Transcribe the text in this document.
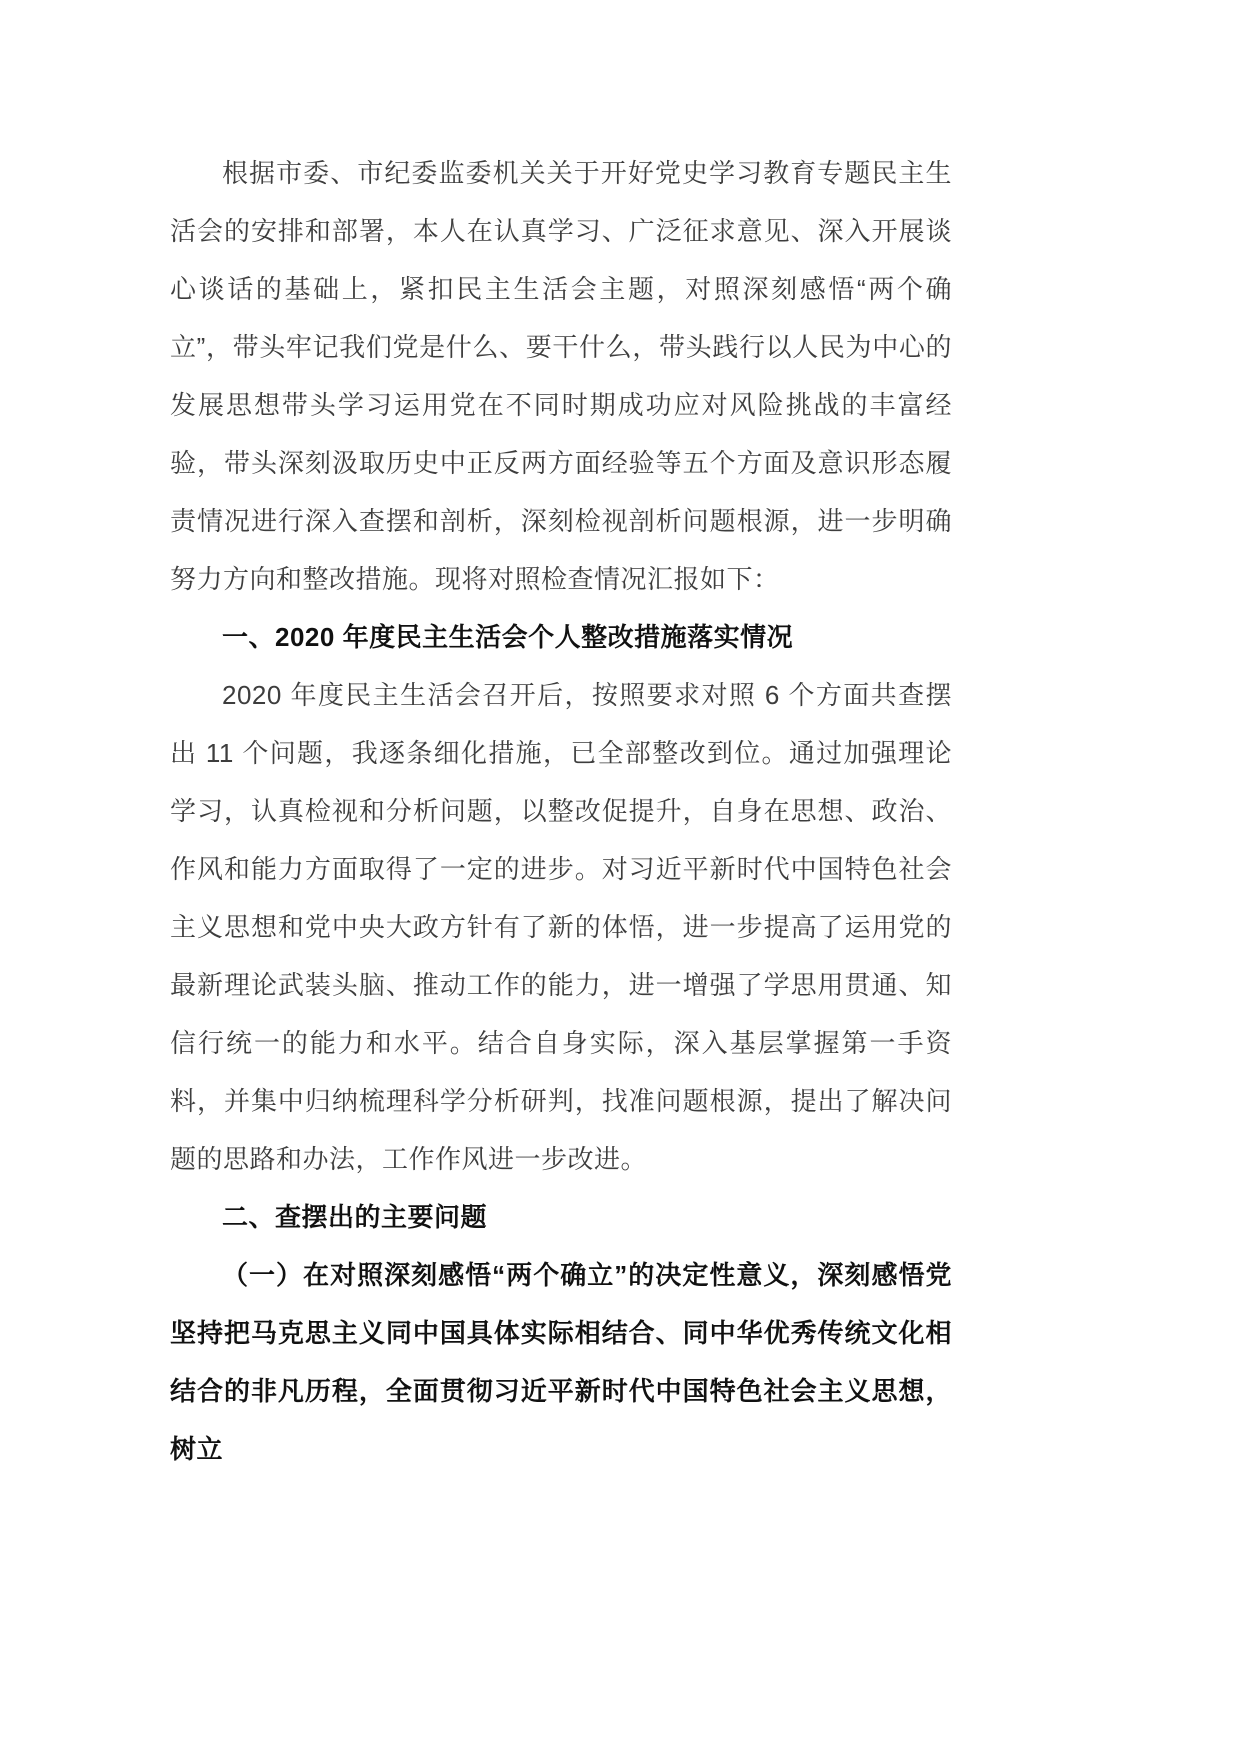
根据市委、市纪委监委机关关于开好党史学习教育专题民主生活会的安排和部署，本人在认真学习、广泛征求意见、深入开展谈心谈话的基础上，紧扣民主生活会主题，对照深刻感悟“两个确立”，带头牢记我们党是什么、要干什么，带头践行以人民为中心的发展思想带头学习运用党在不同时期成功应对风险挑战的丰富经验，带头深刻汲取历史中正反两方面经验等五个方面及意识形态履责情况进行深入查摆和剖析，深刻检视剖析问题根源，进一步明确努力方向和整改措施。现将对照检查情况汇报如下：

一、2020 年度民主生活会个人整改措施落实情况

2020 年度民主生活会召开后，按照要求对照 6 个方面共查摆出 11 个问题，我逐条细化措施，已全部整改到位。通过加强理论学习，认真检视和分析问题，以整改促提升，自身在思想、政治、作风和能力方面取得了一定的进步。对习近平新时代中国特色社会主义思想和党中央大政方针有了新的体悟，进一步提高了运用党的最新理论武装头脑、推动工作的能力，进一增强了学思用贯通、知信行统一的能力和水平。结合自身实际，深入基层掌握第一手资料，并集中归纳梳理科学分析研判，找准问题根源，提出了解决问题的思路和办法，工作作风进一步改进。

二、查摆出的主要问题

（一）在对照深刻感悟“两个确立”的决定性意义，深刻感悟党坚持把马克思主义同中国具体实际相结合、同中华优秀传统文化相结合的非凡历程，全面贯彻习近平新时代中国特色社会主义思想，树立
